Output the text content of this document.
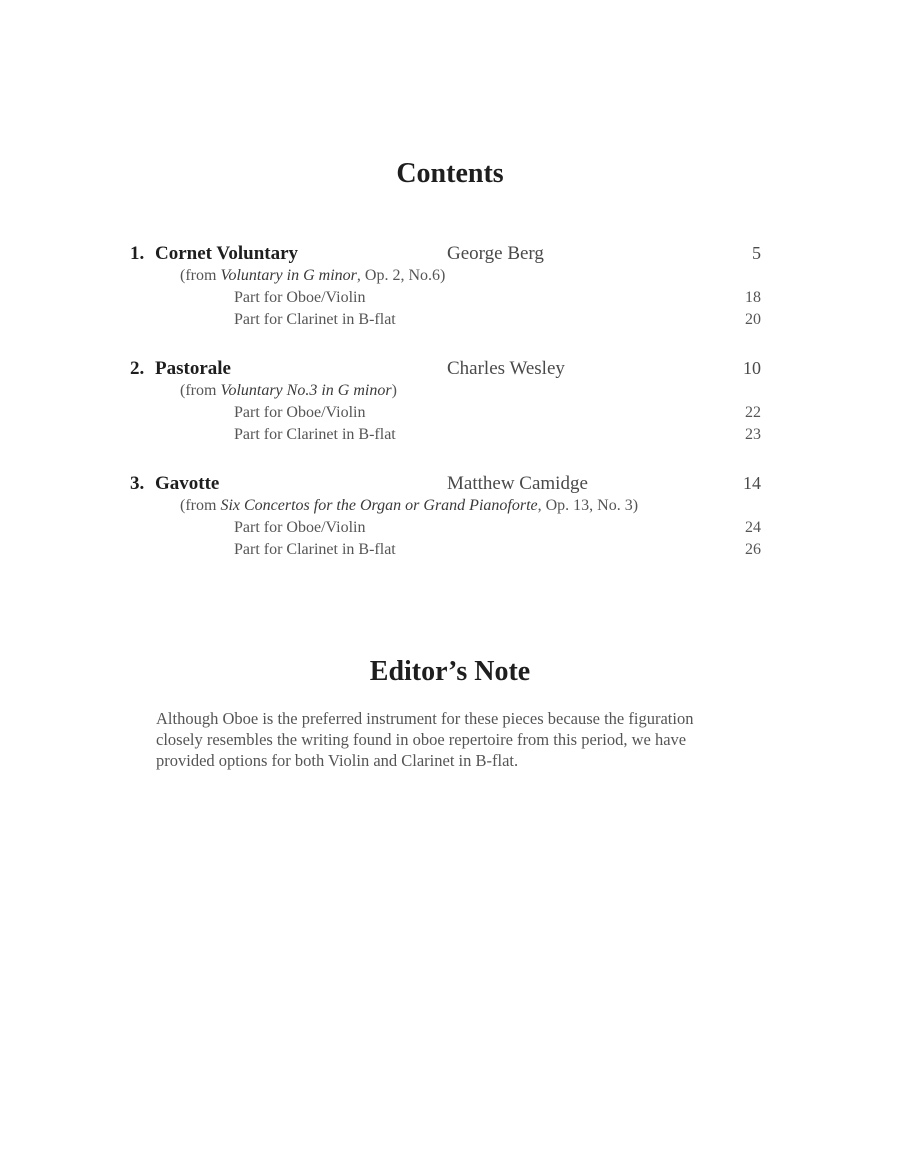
Contents
1. Cornet Voluntary	George Berg	5
(from Voluntary in G minor, Op. 2, No.6)
Part for Oboe/Violin	18
Part for Clarinet in B-flat	20
2. Pastorale	Charles Wesley	10
(from Voluntary No.3 in G minor)
Part for Oboe/Violin	22
Part for Clarinet in B-flat	23
3. Gavotte	Matthew Camidge	14
(from Six Concertos for the Organ or Grand Pianoforte, Op. 13, No. 3)
Part for Oboe/Violin	24
Part for Clarinet in B-flat	26
Editor’s Note

Although Oboe is the preferred instrument for these pieces because the figuration
closely resembles the writing found in oboe repertoire from this period, we have
provided options for both Violin and Clarinet in B-flat.
